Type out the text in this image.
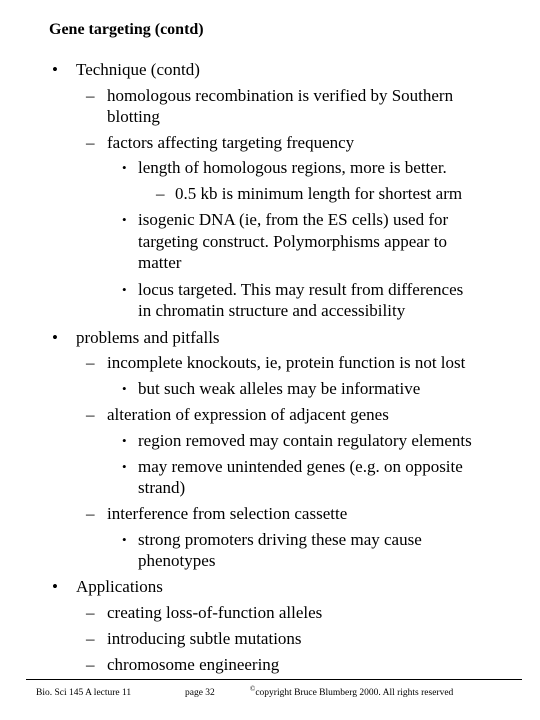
Gene targeting (contd)
• Technique (contd)
– homologous recombination is verified by Southern
blotting
– factors affecting targeting frequency
• length of homologous regions, more is better.
– 0.5 kb is minimum length for shortest arm
• isogenic DNA (ie, from the ES cells) used for
targeting construct. Polymorphisms appear to
matter
• locus targeted. This may result from differences
in chromatin structure and accessibility
• problems and pitfalls
– incomplete knockouts, ie, protein function is not lost
• but such weak alleles may be informative
– alteration of expression of adjacent genes
• region removed may contain regulatory elements
• may remove unintended genes (e.g. on opposite
strand)
– interference from selection cassette
• strong promoters driving these may cause
phenotypes
• Applications
– creating loss-of-function alleles
– introducing subtle mutations
– chromosome engineering
Bio. Sci 145 A lecture 11	page 32	©copyright Bruce Blumberg 2000. All rights reserved
